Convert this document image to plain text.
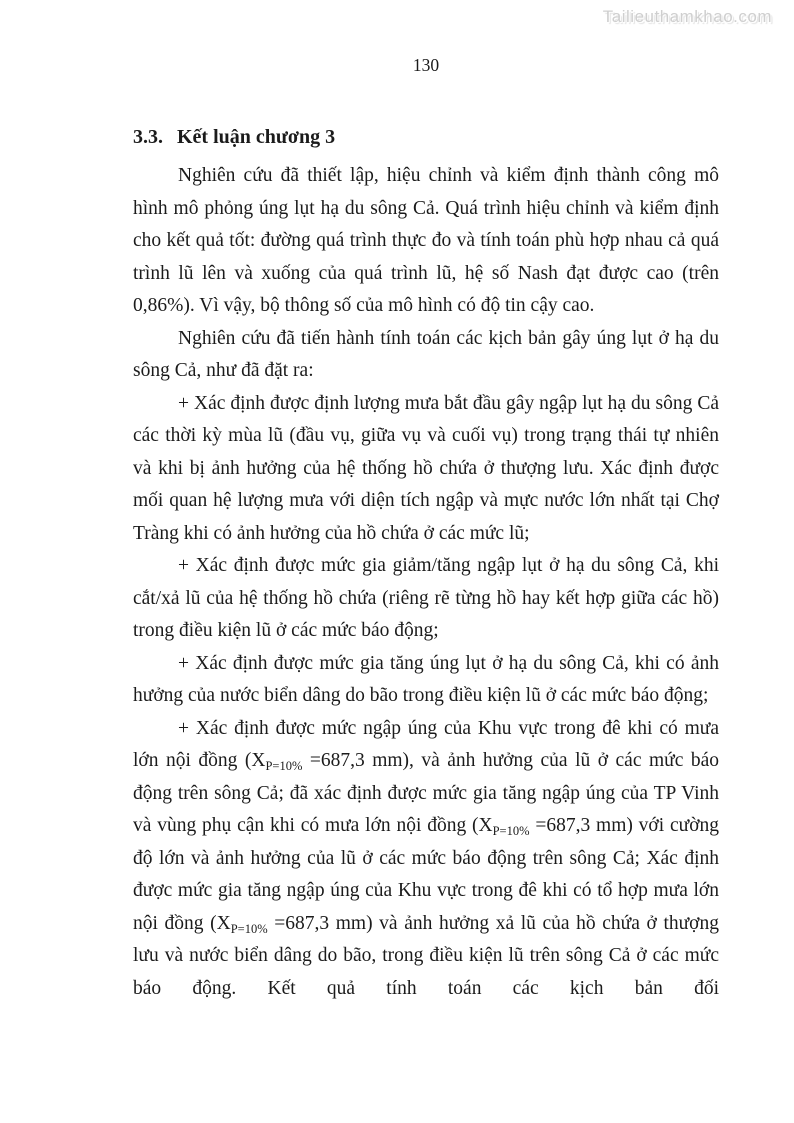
Tailieuthamkhao.com
130
3.3. Kết luận chương 3

Nghiên cứu đã thiết lập, hiệu chỉnh và kiểm định thành công mô hình mô phỏng úng lụt hạ du sông Cả. Quá trình hiệu chỉnh và kiểm định cho kết quả tốt: đường quá trình thực đo và tính toán phù hợp nhau cả quá trình lũ lên và xuống của quá trình lũ, hệ số Nash đạt được cao (trên 0,86%). Vì vậy, bộ thông số của mô hình có độ tin cậy cao.

Nghiên cứu đã tiến hành tính toán các kịch bản gây úng lụt ở hạ du sông Cả, như đã đặt ra:

+ Xác định được định lượng mưa bắt đầu gây ngập lụt hạ du sông Cả các thời kỳ mùa lũ (đầu vụ, giữa vụ và cuối vụ) trong trạng thái tự nhiên và khi bị ảnh hưởng của hệ thống hồ chứa ở thượng lưu. Xác định được mối quan hệ lượng mưa với diện tích ngập và mực nước lớn nhất tại Chợ Tràng khi có ảnh hưởng của hồ chứa ở các mức lũ;

+ Xác định được mức gia giảm/tăng ngập lụt ở hạ du sông Cả, khi cắt/xả lũ của hệ thống hồ chứa (riêng rẽ từng hồ hay kết hợp giữa các hồ) trong điều kiện lũ ở các mức báo động;

+ Xác định được mức gia tăng úng lụt ở hạ du sông Cả, khi có ảnh hưởng của nước biển dâng do bão trong điều kiện lũ ở các mức báo động;

+ Xác định được mức ngập úng của Khu vực trong đê khi có mưa lớn nội đồng ($X_{P=10\%} =687,3$ mm), và ảnh hưởng của lũ ở các mức báo động trên sông Cả; đã xác định được mức gia tăng ngập úng của TP Vinh và vùng phụ cận khi có mưa lớn nội đồng ($X_{P=10\%} =687,3$ mm) với cường độ lớn và ảnh hưởng của lũ ở các mức báo động trên sông Cả; Xác định được mức gia tăng ngập úng của Khu vực trong đê khi có tổ hợp mưa lớn nội đồng ($X_{P=10\%} =687,3$ mm) và ảnh hưởng xả lũ của hồ chứa ở thượng lưu và nước biển dâng do bão, trong điều kiện lũ trên sông Cả ở các mức báo động. Kết quả tính toán các kịch bản đối
